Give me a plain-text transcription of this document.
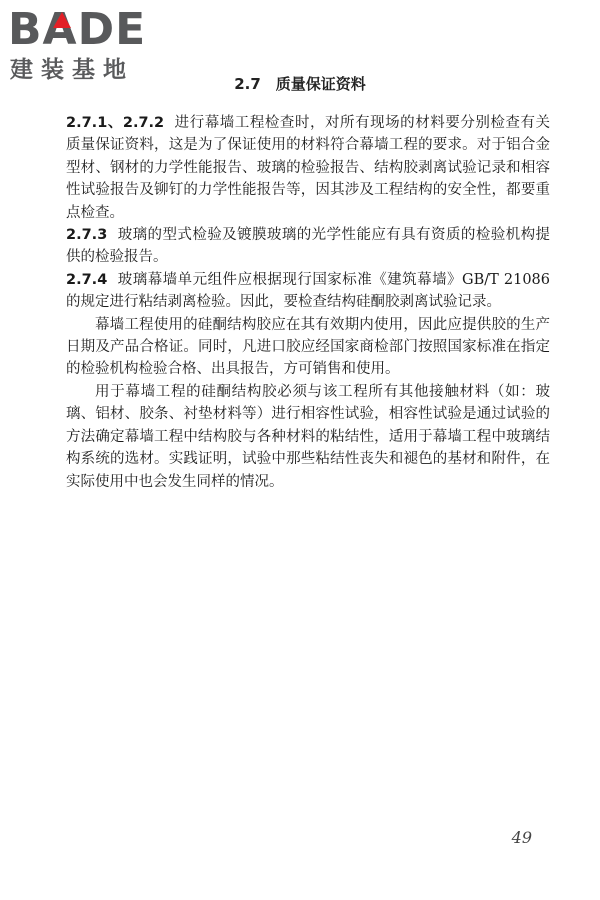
BADE
建装基地
2.7　质量保证资料

2.7.1、2.7.2 进行幕墙工程检查时，对所有现场的材料要分别检查有关质量保证资料，这是为了保证使用的材料符合幕墙工程的要求。对于铝合金型材、钢材的力学性能报告、玻璃的检验报告、结构胶剥离试验记录和相容性试验报告及铆钉的力学性能报告等，因其涉及工程结构的安全性，都要重点检查。

2.7.3 玻璃的型式检验及镀膜玻璃的光学性能应有具有资质的检验机构提供的检验报告。

2.7.4 玻璃幕墙单元组件应根据现行国家标准《建筑幕墙》GB/T 21086 的规定进行粘结剥离检验。因此，要检查结构硅酮胶剥离试验记录。

幕墙工程使用的硅酮结构胶应在其有效期内使用，因此应提供胶的生产日期及产品合格证。同时，凡进口胶应经国家商检部门按照国家标准在指定的检验机构检验合格、出具报告，方可销售和使用。

用于幕墙工程的硅酮结构胶必须与该工程所有其他接触材料（如：玻璃、铝材、胶条、衬垫材料等）进行相容性试验，相容性试验是通过试验的方法确定幕墙工程中结构胶与各种材料的粘结性，适用于幕墙工程中玻璃结构系统的选材。实践证明，试验中那些粘结性丧失和褪色的基材和附件，在实际使用中也会发生同样的情况。

49
